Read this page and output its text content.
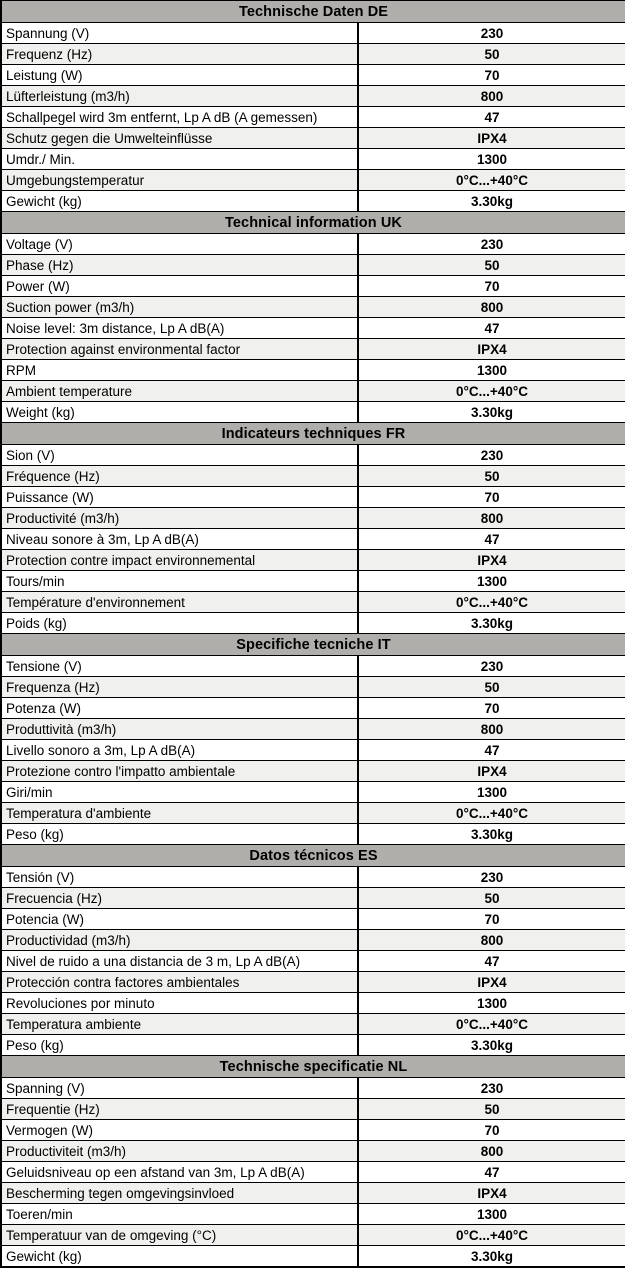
Technische Daten DE	
Spannung (V)	230
Frequenz (Hz)	50
Leistung (W)	70
Lüfterleistung (m3/h)	800
Schallpegel wird 3m entfernt, Lp A dB (A gemessen)	47
Schutz gegen die Umwelteinflüsse	IPX4
Umdr./ Min.	1300
Umgebungstemperatur	0°C...+40°C
Gewicht (kg)	3.30kg
Technical information UK	
Voltage (V)	230
Phase (Hz)	50
Power (W)	70
Suction power (m3/h)	800
Noise level: 3m distance, Lp A dB(A)	47
Protection against environmental factor	IPX4
RPM	1300
Ambient temperature	0°C...+40°C
Weight (kg)	3.30kg
Indicateurs techniques FR	
Sion (V)	230
Fréquence (Hz)	50
Puissance (W)	70
Productivité (m3/h)	800
Niveau sonore à 3m, Lp A dB(A)	47
Protection contre impact environnemental	IPX4
Tours/min	1300
Température d'environnement	0°C...+40°C
Poids (kg)	3.30kg
Specifiche tecniche IT	
Tensione (V)	230
Frequenza (Hz)	50
Potenza (W)	70
Produttività (m3/h)	800
Livello sonoro a 3m, Lp A dB(A)	47
Protezione contro l'impatto ambientale	IPX4
Giri/min	1300
Temperatura d'ambiente	0°C...+40°C
Peso (kg)	3.30kg
Datos técnicos ES	
Tensión (V)	230
Frecuencia (Hz)	50
Potencia (W)	70
Productividad (m3/h)	800
Nivel de ruido a una distancia de 3 m, Lp A dB(A)	47
Protección contra factores ambientales	IPX4
Revoluciones por minuto	1300
Temperatura ambiente	0°C...+40°C
Peso (kg)	3.30kg
Technische specificatie NL	
Spanning (V)	230
Frequentie (Hz)	50
Vermogen (W)	70
Productiviteit (m3/h)	800
Geluidsniveau op een afstand van 3m, Lp A dB(A)	47
Bescherming tegen omgevingsinvloed	IPX4
Toeren/min	1300
Temperatuur van de omgeving (°C)	0°C...+40°C
Gewicht (kg)	3.30kg
